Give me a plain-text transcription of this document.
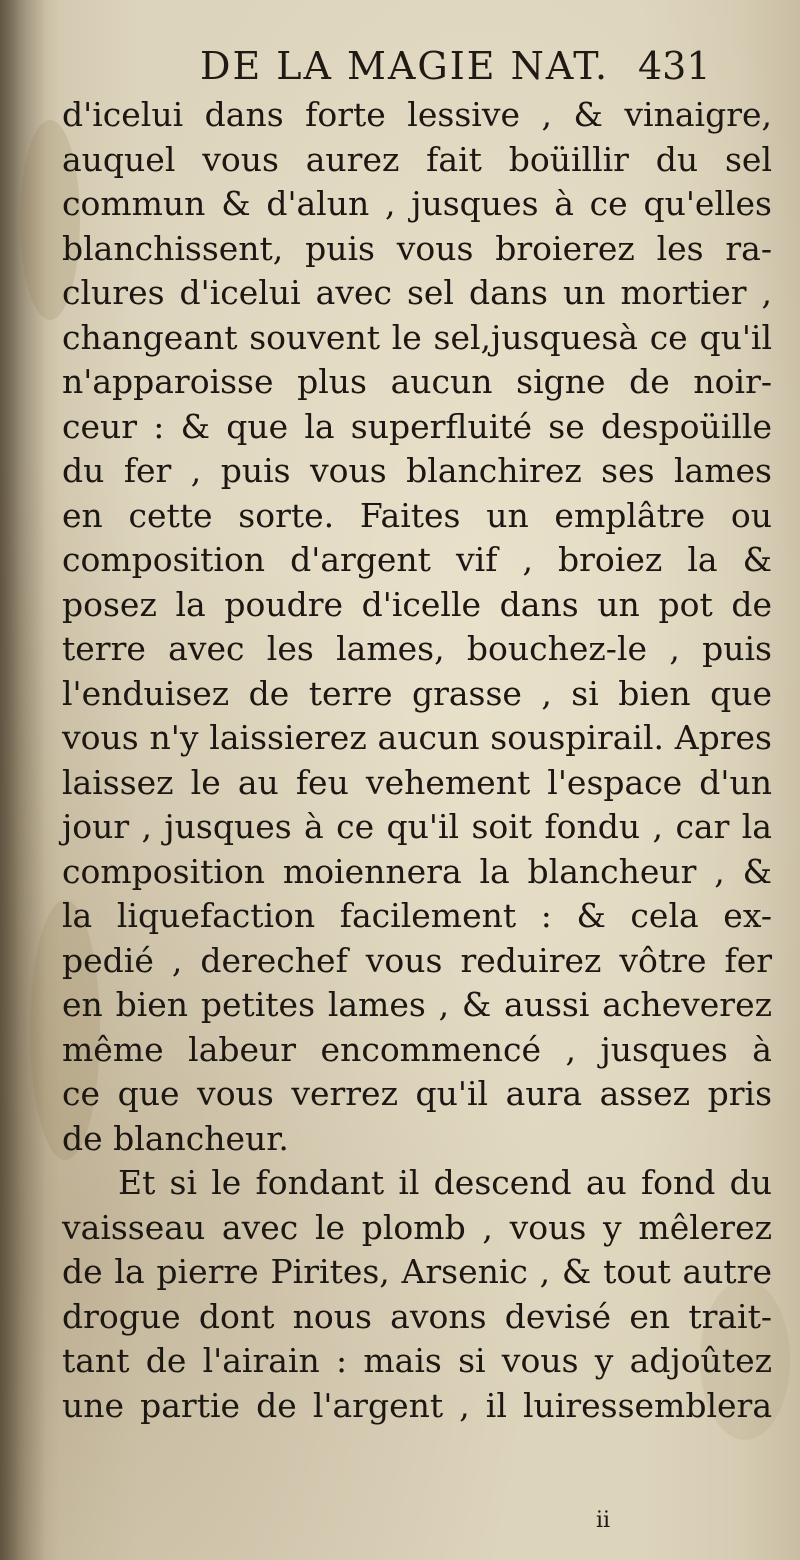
DE LA MAGIE NAT. 431
d'icelui dans forte lessive , & vinaigre,
auquel vous aurez fait boüillir du sel
commun & d'alun , jusques à ce qu'elles
blanchissent, puis vous broierez les ra-
clures d'icelui avec sel dans un mortier ,
changeant souvent le sel,jusquesà ce qu'il
n'apparoisse plus aucun signe de noir-
ceur : & que la superfluité se despoüille
du fer , puis vous blanchirez ses lames
en cette sorte. Faites un emplâtre ou
composition d'argent vif , broiez la &
posez la poudre d'icelle dans un pot de
terre avec les lames, bouchez-le , puis
l'enduisez de terre grasse , si bien que
vous n'y laissierez aucun souspirail. Apres
laissez le au feu vehement l'espace d'un
jour , jusques à ce qu'il soit fondu , car la
composition moiennera la blancheur , &
la liquefaction facilement : & cela ex-
pedié , derechef vous reduirez vôtre fer
en bien petites lames , & aussi acheverez
même labeur encommencé , jusques à
ce que vous verrez qu'il aura assez pris
de blancheur.
Et si le fondant il descend au fond du
vaisseau avec le plomb , vous y mêlerez
de la pierre Pirites, Arsenic , & tout autre
drogue dont nous avons devisé en trait-
tant de l'airain : mais si vous y adjoûtez
une partie de l'argent , il luiressemblera
ii
